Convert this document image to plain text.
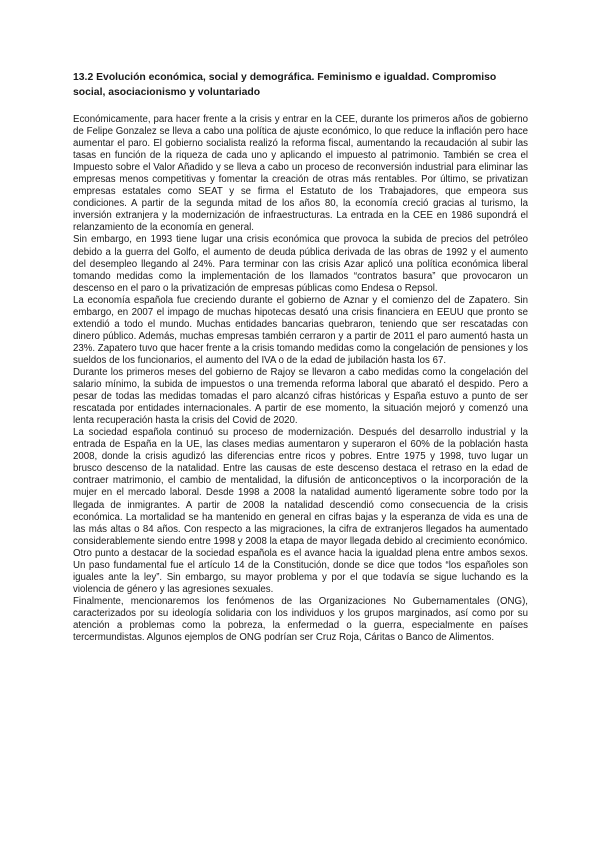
13.2 Evolución económica, social y demográfica. Feminismo e igualdad. Compromiso social, asociacionismo y voluntariado

Económicamente, para hacer frente a la crisis y entrar en la CEE, durante los primeros años de gobierno de Felipe Gonzalez se lleva a cabo una política de ajuste económico, lo que reduce la inflación pero hace aumentar el paro. El gobierno socialista realizó la reforma fiscal, aumentando la recaudación al subir las tasas en función de la riqueza de cada uno y aplicando el impuesto al patrimonio. También se crea el Impuesto sobre el Valor Añadido y se lleva a cabo un proceso de reconversión industrial para eliminar las empresas menos competitivas y fomentar la creación de otras más rentables. Por último, se privatizan empresas estatales como SEAT y se firma el Estatuto de los Trabajadores, que empeora sus condiciones. A partir de la segunda mitad de los años 80, la economía creció gracias al turismo, la inversión extranjera y la modernización de infraestructuras. La entrada en la CEE en 1986 supondrá el relanzamiento de la economía en general.

Sin embargo, en 1993 tiene lugar una crisis económica que provoca la subida de precios del petróleo debido a la guerra del Golfo, el aumento de deuda pública derivada de las obras de 1992 y el aumento del desempleo llegando al 24%. Para terminar con las crisis Azar aplicó una política económica liberal tomando medidas como la implementación de los llamados “contratos basura” que provocaron un descenso en el paro o la privatización de empresas públicas como Endesa o Repsol.

La economía española fue creciendo durante el gobierno de Aznar y el comienzo del de Zapatero. Sin embargo, en 2007 el impago de muchas hipotecas desató una crisis financiera en EEUU que pronto se extendió a todo el mundo. Muchas entidades bancarias quebraron, teniendo que ser rescatadas con dinero público. Además, muchas empresas también cerraron y a partir de 2011 el paro aumentó hasta un 23%. Zapatero tuvo que hacer frente a la crisis tomando medidas como la congelación de pensiones y los sueldos de los funcionarios, el aumento del IVA o de la edad de jubilación hasta los 67.

Durante los primeros meses del gobierno de Rajoy se llevaron a cabo medidas como la congelación del salario mínimo, la subida de impuestos o una tremenda reforma laboral que abarató el despido. Pero a pesar de todas las medidas tomadas el paro alcanzó cifras históricas y España estuvo a punto de ser rescatada por entidades internacionales. A partir de ese momento, la situación mejoró y comenzó una lenta recuperación hasta la crisis del Covid de 2020.

La sociedad española continuó su proceso de modernización. Después del desarrollo industrial y la entrada de España en la UE, las clases medias aumentaron y superaron el 60% de la población hasta 2008, donde la crisis agudizó las diferencias entre ricos y pobres. Entre 1975 y 1998, tuvo lugar un brusco descenso de la natalidad. Entre las causas de este descenso destaca el retraso en la edad de contraer matrimonio, el cambio de mentalidad, la difusión de anticonceptivos o la incorporación de la mujer en el mercado laboral. Desde 1998 a 2008 la natalidad aumentó ligeramente sobre todo por la llegada de inmigrantes. A partir de 2008 la natalidad descendió como consecuencia de la crisis económica. La mortalidad se ha mantenido en general en cifras bajas y la esperanza de vida es una de las más altas o 84 años. Con respecto a las migraciones, la cifra de extranjeros llegados ha aumentado considerablemente siendo entre 1998 y 2008 la etapa de mayor llegada debido al crecimiento económico.

Otro punto a destacar de la sociedad española es el avance hacia la igualdad plena entre ambos sexos. Un paso fundamental fue el artículo 14 de la Constitución, donde se dice que todos “los españoles son iguales ante la ley”. Sin embargo, su mayor problema y por el que todavía se sigue luchando es la violencia de género y las agresiones sexuales.

Finalmente, mencionaremos los fenómenos de las Organizaciones No Gubernamentales (ONG), caracterizados por su ideología solidaria con los individuos y los grupos marginados, así como por su atención a problemas como la pobreza, la enfermedad o la guerra, especialmente en países tercermundistas. Algunos ejemplos de ONG podrían ser Cruz Roja, Cáritas o Banco de Alimentos.
